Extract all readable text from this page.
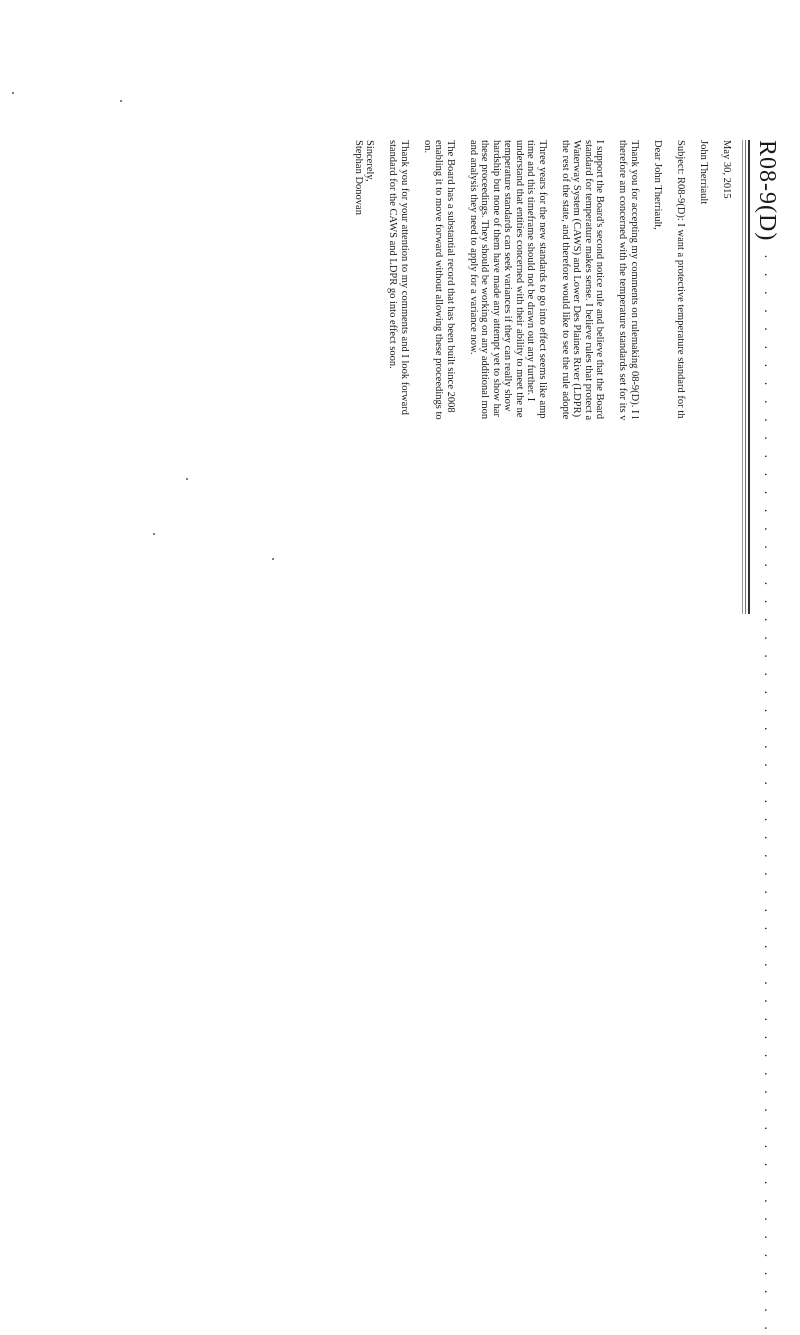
R08-9(D)
· · · · · · · · · · · · · · · · · · · · · · · · · · · · · · · · · · · · · · · · · · · · · · · · · · · · · · · · · · · · ·
May 30, 2015
John Therriault
Subject: R08-9(D): I want a protective temperature standard for th
Dear John Therriault,
Thank you for accepting my comments on rulemaking 08-9(D). I l
therefore am concerned with the temperature standards set for its v
I support the Board's second notice rule and believe that the Board
standard for temperature makes sense. I believe rules that protect a
Waterway System (CAWS) and Lower Des Plaines River (LDPR)
the rest of the state, and therefore would like to see the rule adopte
Three years for the new standards to go into effect seems like amp
time and this timeframe should not be drawn out any further. I
understand that entities concerned with their ability to meet the ne
temperature standards can seek variances if they can really show
hardship but none of them have made any attempt yet to show har
these proceedings. They should be working on any additional mon
and analysis they need to apply for a variance now.
The Board has a substantial record that has been built since 2008
enabling it to move forward without allowing these proceedings to
on.
Thank you for your attention to my comments and I look forward
standard for the CAWS and LDPR go into effect soon.
Sincerely,
Stephan Donovan
